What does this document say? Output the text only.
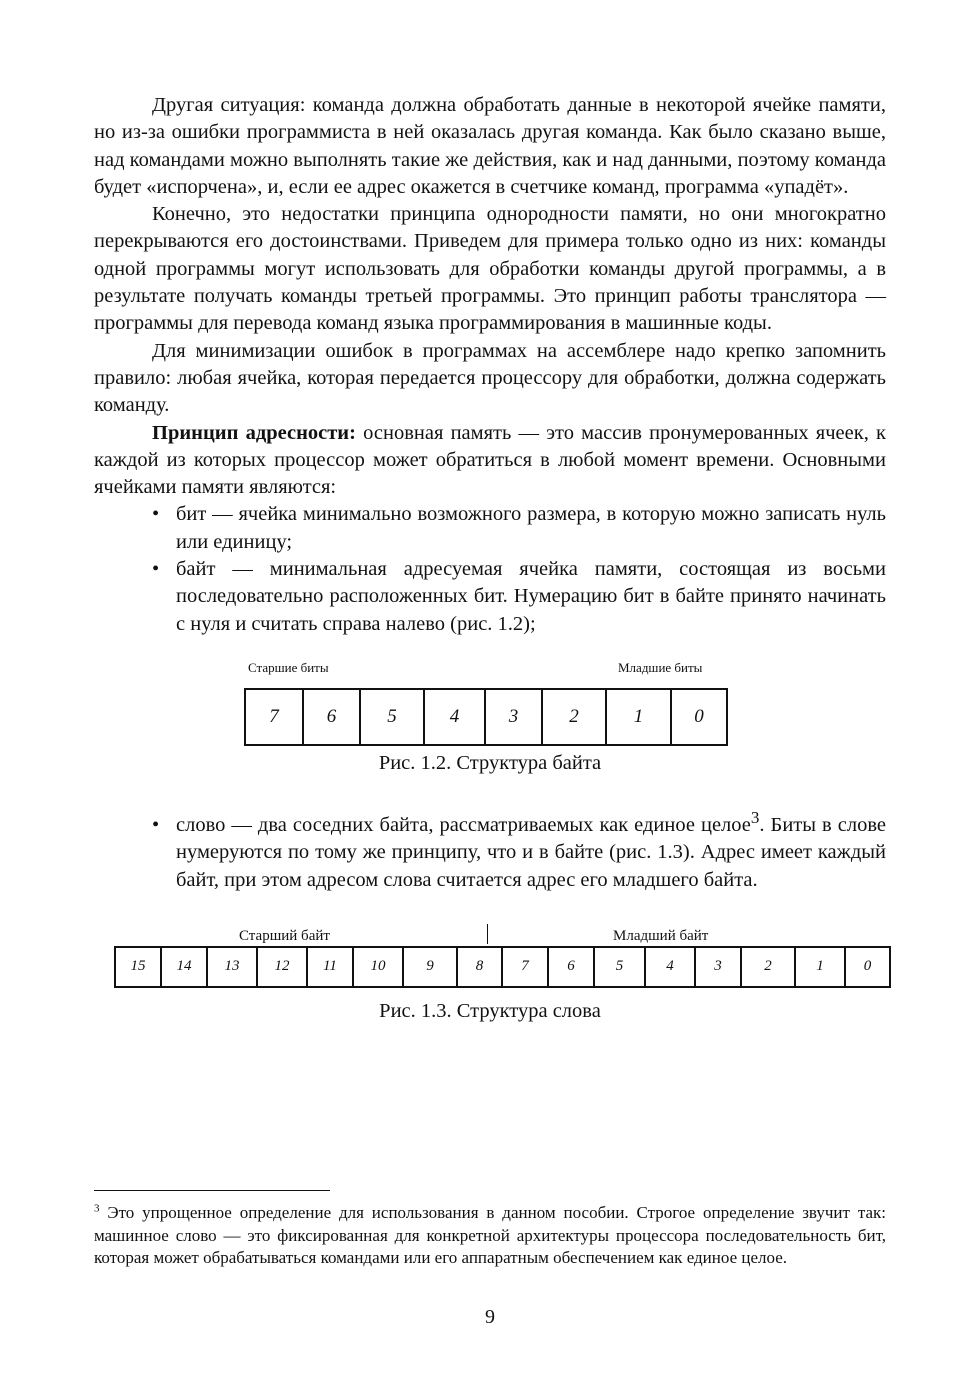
Другая ситуация: команда должна обработать данные в некоторой ячейке памяти, но из-за ошибки программиста в ней оказалась другая команда. Как было сказано выше, над командами можно выполнять такие же действия, как и над данными, поэтому команда будет «испорчена», и, если ее адрес окажется в счетчике команд, программа «упадёт».

Конечно, это недостатки принципа однородности памяти, но они многократно перекрываются его достоинствами. Приведем для примера только одно из них: команды одной программы могут использовать для обработки команды другой программы, а в результате получать команды третьей программы. Это принцип работы транслятора — программы для перевода команд языка программирования в машинные коды.

Для минимизации ошибок в программах на ассемблере надо крепко запомнить правило: любая ячейка, которая передается процессору для обработки, должна содержать команду.

Принцип адресности: основная память — это массив пронумерованных ячеек, к каждой из которых процессор может обратиться в любой момент времени. Основными ячейками памяти являются:

• бит — ячейка минимально возможного размера, в которую можно записать нуль или единицу;
• байт — минимальная адресуемая ячейка памяти, состоящая из восьми последовательно расположенных бит. Нумерацию бит в байте принято начинать с нуля и считать справа налево (рис. 1.2);
Старшие биты	Младшие биты
7	6	5	4	3	2	1	0
Рис. 1.2. Структура байта
• слово — два соседних байта, рассматриваемых как единое целое$^3$. Биты в слове нумеруются по тому же принципу, что и в байте (рис. 1.3). Адрес имеет каждый байт, при этом адресом слова считается адрес его младшего байта.
Старший байт	Младший байт
15	14	13	12	11	10	9	8	7	6	5	4	3	2	1	0
Рис. 1.3. Структура слова
$^3$ Это упрощенное определение для использования в данном пособии. Строгое определение звучит так: машинное слово — это фиксированная для конкретной архитектуры процессора последовательность бит, которая может обрабатываться командами или его аппаратным обеспечением как единое целое.
9
